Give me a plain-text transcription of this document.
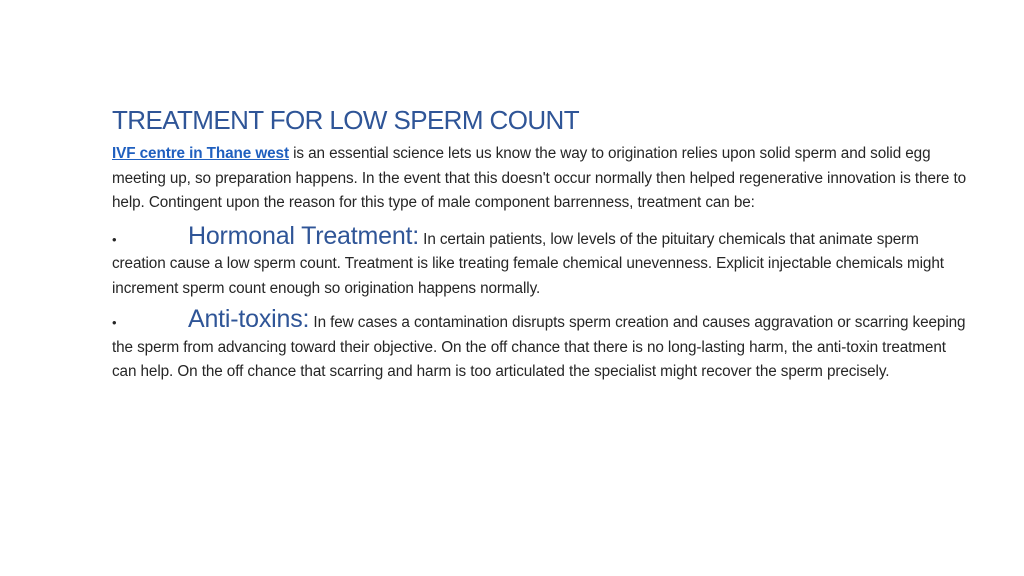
TREATMENT FOR LOW SPERM COUNT

IVF centre in Thane west is an essential science lets us know the way to origination relies upon solid sperm and solid egg meeting up, so preparation happens. In the event that this doesn't occur normally then helped regenerative innovation is there to help. Contingent upon the reason for this type of male component barrenness, treatment can be:

•	Hormonal Treatment: In certain patients, low levels of the pituitary chemicals that animate sperm creation cause a low sperm count. Treatment is like treating female chemical unevenness. Explicit injectable chemicals might increment sperm count enough so origination happens normally.

•	Anti-toxins: In few cases a contamination disrupts sperm creation and causes aggravation or scarring keeping the sperm from advancing toward their objective. On the off chance that there is no long-lasting harm, the anti-toxin treatment can help. On the off chance that scarring and harm is too articulated the specialist might recover the sperm precisely.
